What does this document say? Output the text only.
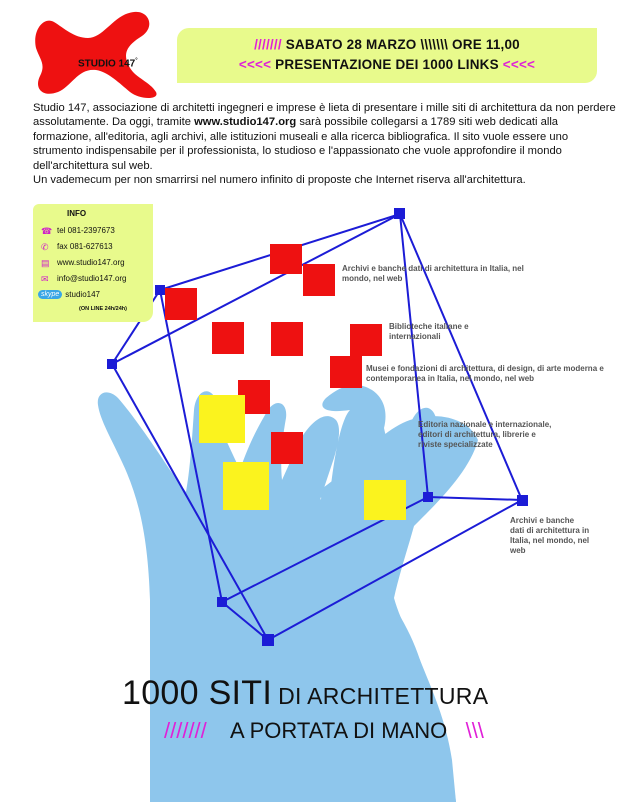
STUDIO 147°
/////// SABATO 28 MARZO \\\\\\\ ORE 11,00
<<<< PRESENTAZIONE DEI 1000 LINKS <<<<

Studio 147, associazione di architetti ingegneri e imprese è lieta di presentare i mille siti di architettura da non perdere assolutamente. Da oggi, tramite www.studio147.org sarà possibile collegarsi a 1789 siti web dedicati alla formazione, all'editoria, agli archivi, alle istituzioni museali e alla ricerca bibliografica. Il sito vuole essere uno strumento indispensabile per il professionista, lo studioso e l'appassionato che vuole approfondire il mondo dell'architettura sul web.

Un vademecum per non smarrirsi nel numero infinito di proposte che Internet riserva all'architettura.

INFO
☎ tel 081-2397673
✆ fax 081-627613
▤ www.studio147.org
✉ info@studio147.org
skype studio147
(ON LINE 24h/24h)
Archivi e banche dati di architettura in Italia, nel mondo, nel web
Biblioteche italiane e internazionali
Musei e fondazioni di architettura, di design, di arte moderna e contemporanea in Italia, nel mondo, nel web
Editoria nazionale e internazionale, editori di architettura, librerie e riviste specializzate
Archivi e banche dati di architettura in Italia, nel mondo, nel web
1000 SITI DI ARCHITETTURA
/////// A PORTATA DI MANO \\\
